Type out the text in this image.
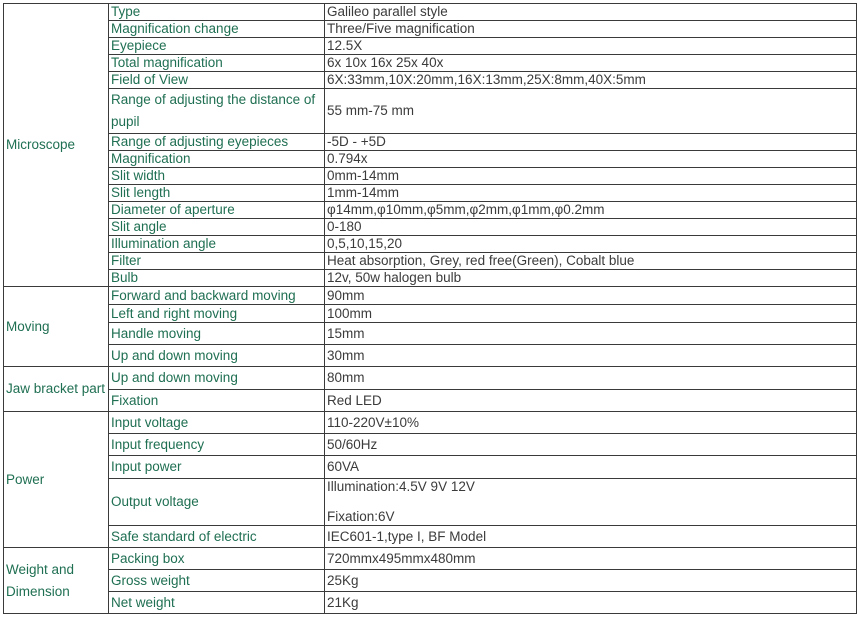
Microscope	Type	Galileo parallel style
	Magnification change	Three/Five magnification
	Eyepiece	12.5X
	Total magnification	6x 10x 16x 25x 40x
	Field of View	6X:33mm,10X:20mm,16X:13mm,25X:8mm,40X:5mm
	Range of adjusting the distance of pupil	55 mm-75 mm
	Range of adjusting eyepieces	-5D - +5D
	Magnification	0.794x
	Slit width	0mm-14mm
	Slit length	1mm-14mm
	Diameter of aperture	φ14mm,φ10mm,φ5mm,φ2mm,φ1mm,φ0.2mm
	Slit angle	0-180
	Illumination angle	0,5,10,15,20
	Filter	Heat absorption, Grey, red free(Green), Cobalt blue
	Bulb	12v, 50w halogen bulb
Moving	Forward and backward moving	90mm
	Left and right moving	100mm
	Handle moving	15mm
	Up and down moving	30mm
Jaw bracket part	Up and down moving	80mm
	Fixation	Red LED
Power	Input voltage	110-220V±10%
	Input frequency	50/60Hz
	Input power	60VA
	Output voltage	Illumination:4.5V 9V 12V
Fixation:6V

	Safe standard of electric	IEC601-1,type I, BF Model
Weight and Dimension	Packing box	720mmx495mmx480mm
	Gross weight	25Kg
	Net weight	21Kg
